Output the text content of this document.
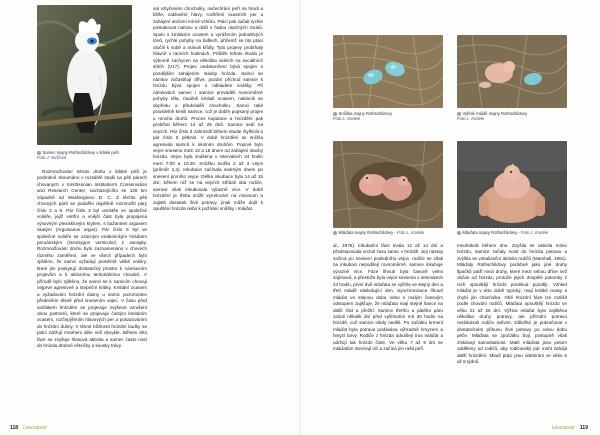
Samec majny Rothschildovy v lidské péči
Foto J. Nušlová

Rozmnožování tohoto druhu v lidské péči je podrobně zkoumáno v rozsáhlé studii na pěti párech chovaných v Smithsonian Institution's Conservation and Research Center, nacházejícího se 128 km západně od Washingtonu D. C. Z těchto pěti chovných párů se podařilo úspěšně rozmnožit páry číslo 3 a 5. Pár číslo 3 byl umístěn ve společné voliéře, jejíž vnitřní a vnější část byla propojena výsuvným plexisklovým krytem, s bažantem argusem okatým (Argusianus argus). Pár číslo 5 byl ve společné voliéře se vzácným endemickým holubem peruánským (Geotrygon versicolor) z Jamajky. Rozmnožování druhu bylo zaznamenáno v chovech různého zaměření, ale ve všech případech bylo zjištěno, že samci vyžadují poměrně velké voliéry, které jim poskytují dostatečný prostor k námluvním projevům a k aktivnímu teritoriálnímu chování. V přírodě bylo zjištěno, že samci se k samicím chovají nejprve agresivně a stepeční kritiky. Kmitání ocasem a vyžadování hnízdní dutiny u samic pozorováno především těsně před snesením vajec. V času před začátkem hnízdění se projevuje zvýšené vzrušení obou partnerů, které se projevuje častým kmitáním ocasem, rozčepýřením hlavových per a posazováním do hnízdní dutiny. V těsné blízkosti hnízdní budky se ptáci zdržují mnohem déle než obvykle. Během této fáze se zvyšuje hlasová aktivita a samec často nosí do hnízda drobné větvičky a kousky trávy.

val vztyčeném chocholky, načechrání peří na hrudi a břiše, zaklonění hlavy, rozšíření ocasních per a zahájení otočení mírně vzhůru. Ptáci pak začali rychle poskakovat nahoru a dolů s řadou úsečných zvuků. Spolu s kmitáním ocasem a vyrážením jednotlivých tónů, rychlé pohyby na bidlech, přičemž se tito ptáci otočili k sobě a mávali křídly. Tyto projevy probíhaly hlavně v ranních hodinách. Průběh tohoto rituálu je výborně zachycen na několika videích na sociálních sítích (V17). Projev nedokončení bývá spojen s pozdějším zahájením stavby hnízda. Samci se námluv zúčastňují dříve, pozdní příchod samice k hnízdu bývá spojen s odkladem snášky. Při námluvách samec i samice prováděli rovnoměrné pohyby těla, rituálně kmitali ocasem, naklonili se dopředu a předváděli chocholku. Samci také pravidelně krmili samice, což je dobře popsaný projev u mnoha druhů. Proces kopulace a hnízdění pak probíhal během 14 až 25 dnů. Samice sedí na vejcích. Pár číslo 3 zahnízdil během studie čtyřikrát a pár číslo 5 pětkrát. V době hnízdění se snížila agresivita samců k okolním druhům. Poprvé bylo vejce sneseno mezi 12 a 18 dnem od zahájení stavby hnízda. Vejce byla snášena v intervalech 24 hodin mezi 7:00 a 10:30. Snůšku tvořila 2 až 3 vejce (průměr 2,4). Inkubace začínala sedmým dnem po snesení prvního vejce. Délka inkubace byla 14 až 15 dní, během níž se na vejcích střídali oba rodiče, samice však inkubovala výrazně více. V době hnízdění je třeba snížit vyrušování na minimum a zajistit dostatek živé potravy, jinak může dojít k opuštění hnízda nebo k požírání snůšky i mláďat.

118 Leucopsar
Snůška majny Rothschildovy
Foto L. Kodele
Vylíhlé mládě majny Rothschildovy
Foto L. Kodele
Mláďata majny Rothschildovy - Foto L. Kodele	Mláďata majny Rothschildovy - Foto L. Kodele

al., 1976). Inkubační fáze trvala 12 až 14 dní a představovala vrchol času samic v hnízdě. Její nástup začíná po snesení posledního vejce, rodiče se však na inkubaci nepodílejí rovnoměrně, samice inkubuje výrazně více. Fáze líhnutí byla časově velmi zajímavá, a přestože byla vejce snesena v intervalech 24 hodin, první dvě mláďata se vylíhla ve stejný den a třetí mládě následující den. Synchronizace líhnutí mláďat ve stejnou dobu nebo s malým časovým odstupem zajišťuje, že mláďata mají stejné šance na další růst a přežití. Samice třetího a pátého páru začali několik dní před vylíhnutím mít 30 hodin na hnízdě, což samice nikdy neděli. Po začátku krmení mláďat byla potrava podávána výhradně hmyzem a hmyzí larvy. Rodiče z hnízda odnášejí trus mláďat a udržují tak hnízdo čisté. Ve věku 7 až 9 dní se mláďatům otevírají oči a začíná jim rašit peří.

mnohokrát během dne. Zvyšila se aktivita mimo hnízdo, samice začaly nosit do hnízda potravu a zvýšila se vokalizační aktivita rodičů (Marshall, 1981). Mláďaty Rothschildovy podobně jako jiné druhy špačků patří mezi druhy, které mezi sebou dříve než občas od hnízda, protože jejich dospělé potomky z nich opouštějí hnízdo poněkud později. Vzhled mláďat je v této době typický, mají krátké ocasy a chybí jim chocholka. Obě hnízdní fáze lze rozlišit podle chování rodičů. Mláďata opouštějí hnízdo ve věku 21 až 25 dní. Výživa mláďat byla zajištěna několika druhy potravy, ale přírodní potravu nedokázali rodiče ovlivnit. Důležité je pokračovat v dostatečném přísunu živé potravy po celou dobu péče. Mláďata se zpočátku bojí, postupně však získávají samostatnost. Malé mláďata jsou potom odděleny od rodičů, aby rodičovský pár mohl zahájit další hnízdění. Mladí ptáci jsou odebíráni ve věku 6 až 8 týdnů.

Leucopsar 119
